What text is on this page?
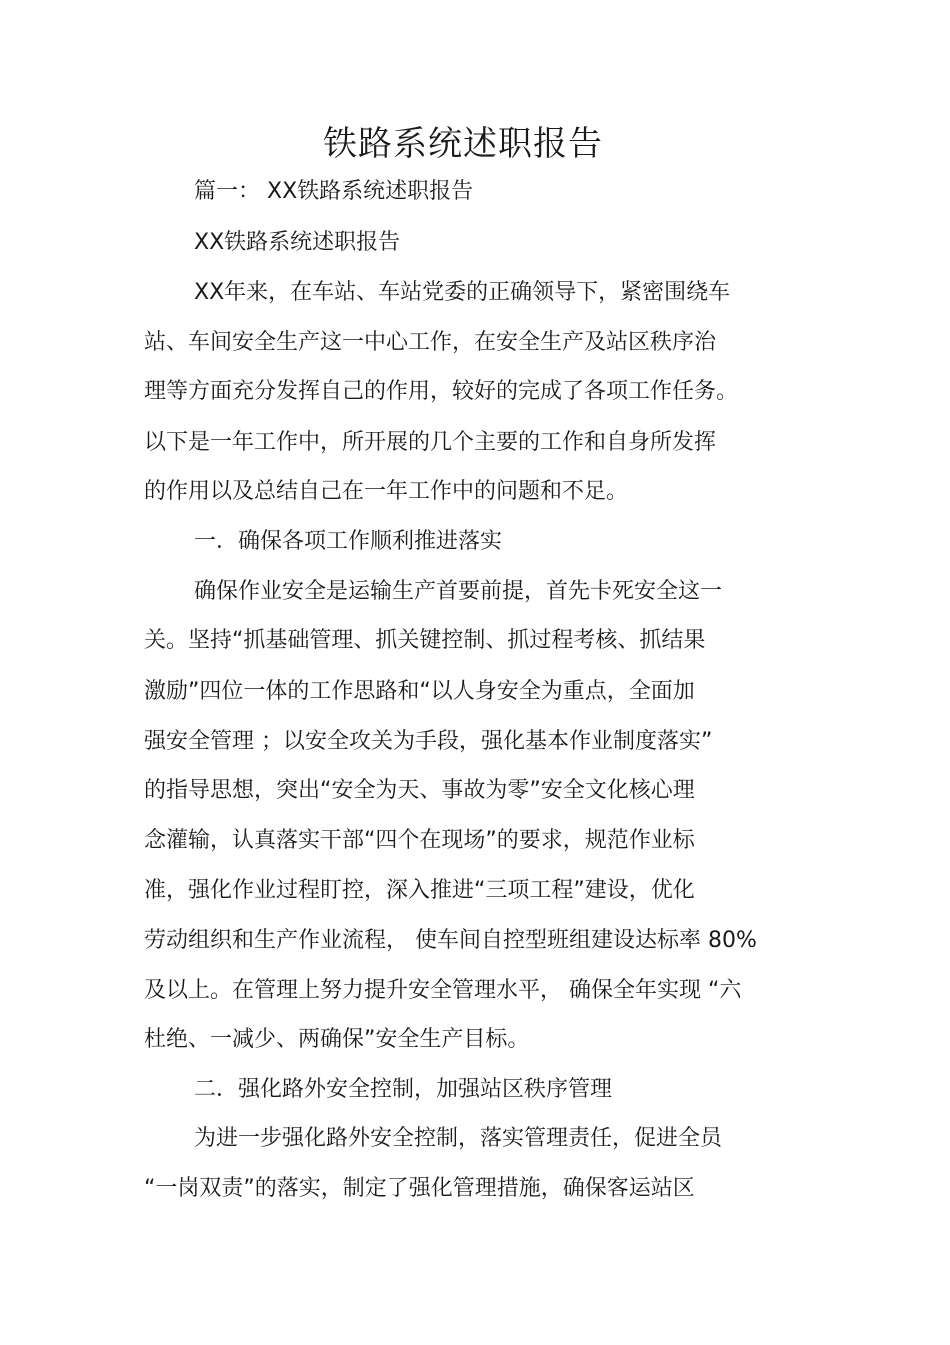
铁路系统述职报告

篇一： XX铁路系统述职报告

XX铁路系统述职报告

XX年来，在车站、车站党委的正确领导下，紧密围绕车

站、车间安全生产这一中心工作，在安全生产及站区秩序治

理等方面充分发挥自己的作用，较好的完成了各项工作任务。

以下是一年工作中，所开展的几个主要的工作和自身所发挥

的作用以及总结自己在一年工作中的问题和不足。

一．确保各项工作顺利推进落实

确保作业安全是运输生产首要前提，首先卡死安全这一

关。坚持“抓基础管理、抓关键控制、抓过程考核、抓结果

激励”四位一体的工作思路和“以人身安全为重点，全面加

强安全管理 ；以安全攻关为手段，强化基本作业制度落实”

的指导思想，突出“安全为天、事故为零”安全文化核心理

念灌输，认真落实干部“四个在现场”的要求，规范作业标

准，强化作业过程盯控，深入推进“三项工程”建设，优化

劳动组织和生产作业流程， 使车间自控型班组建设达标率 80%

及以上。在管理上努力提升安全管理水平， 确保全年实现 “六

杜绝、一减少、两确保”安全生产目标。

二．强化路外安全控制，加强站区秩序管理

为进一步强化路外安全控制，落实管理责任，促进全员

“一岗双责”的落实，制定了强化管理措施，确保客运站区
